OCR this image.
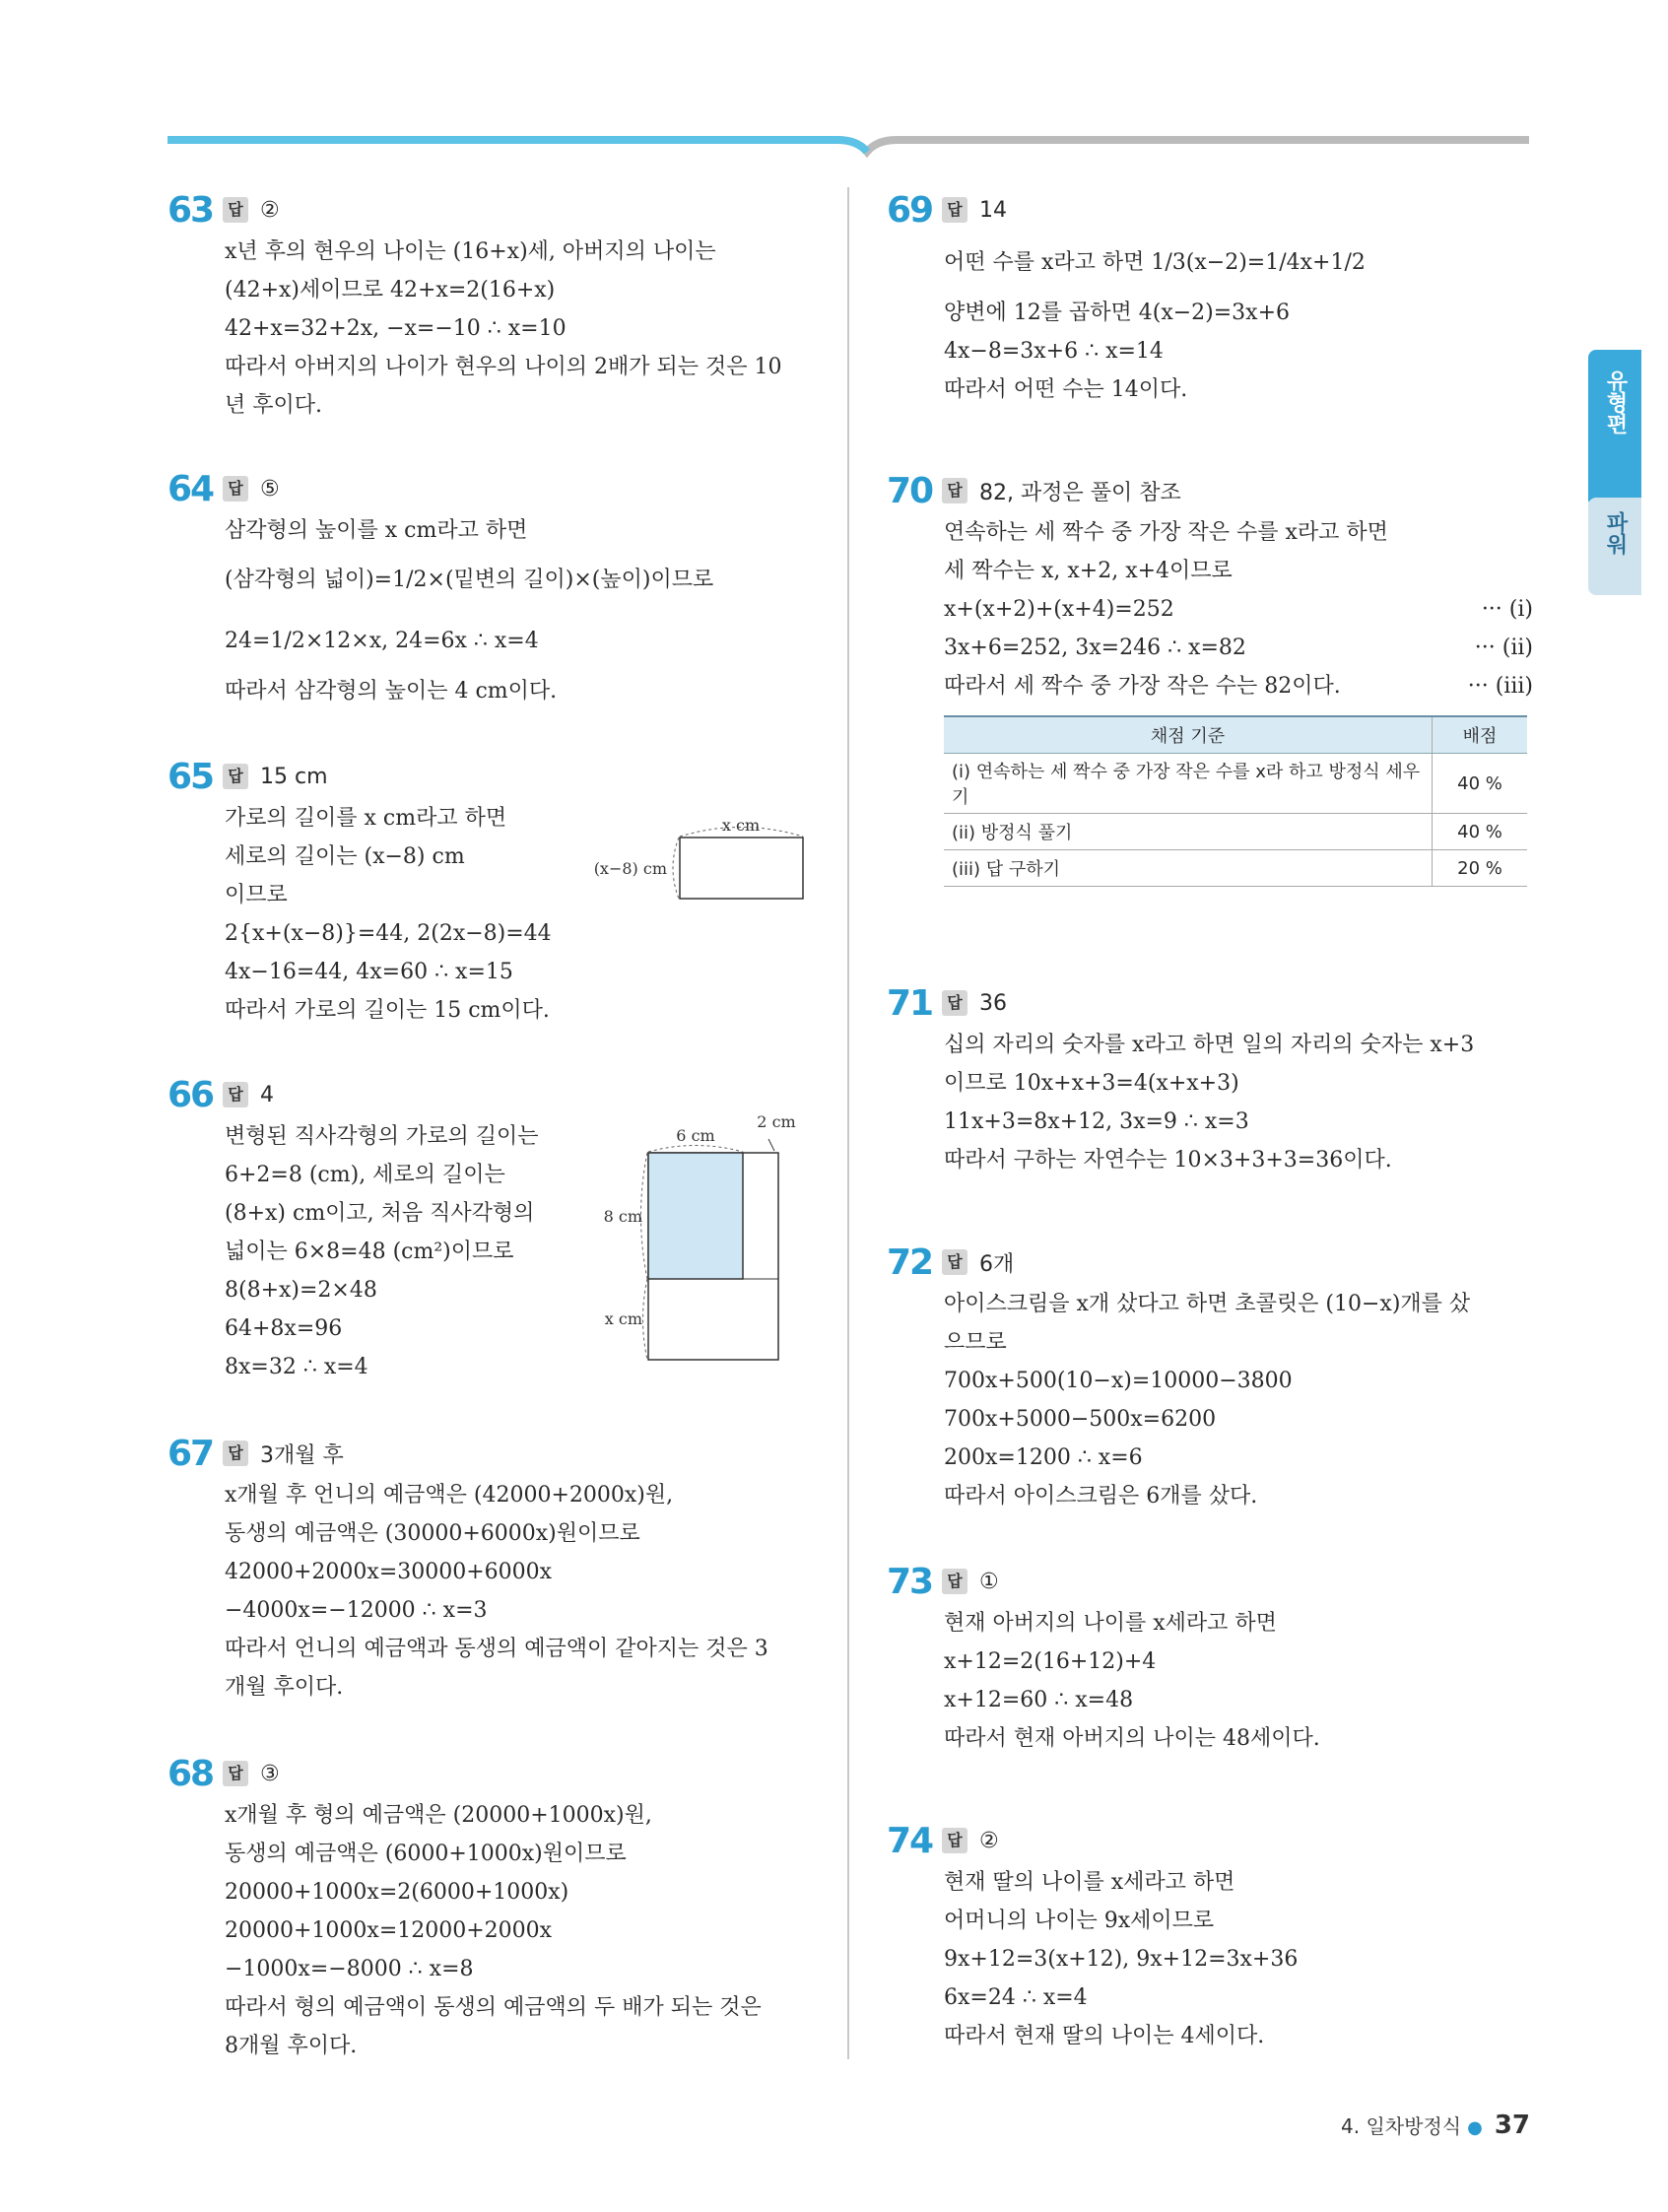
63 답 ②
x년 후의 현우의 나이는 (16+x)세, 아버지의 나이는
(42+x)세이므로 42+x=2(16+x)
42+x=32+2x, −x=−10 ∴ x=10
따라서 아버지의 나이가 현우의 나이의 2배가 되는 것은 10
년 후이다.
64 답 ⑤
삼각형의 높이를 x cm라고 하면
(삼각형의 넓이)=1/2×(밑변의 길이)×(높이)이므로
24=1/2×12×x, 24=6x ∴ x=4
따라서 삼각형의 높이는 4 cm이다.
65 답 15 cm
가로의 길이를 x cm라고 하면
세로의 길이는 (x−8) cm
이므로
2{x+(x−8)}=44, 2(2x−8)=44
4x−16=44, 4x=60 ∴ x=15
따라서 가로의 길이는 15 cm이다.
x cm
(x−8) cm
66 답 4
변형된 직사각형의 가로의 길이는
6+2=8 (cm), 세로의 길이는
(8+x) cm이고, 처음 직사각형의
넓이는 6×8=48 (cm²)이므로
8(8+x)=2×48
64+8x=96
8x=32 ∴ x=4
6 cm
2 cm
8 cm
x cm
67 답 3개월 후
x개월 후 언니의 예금액은 (42000+2000x)원,
동생의 예금액은 (30000+6000x)원이므로
42000+2000x=30000+6000x
−4000x=−12000 ∴ x=3
따라서 언니의 예금액과 동생의 예금액이 같아지는 것은 3
개월 후이다.
68 답 ③
x개월 후 형의 예금액은 (20000+1000x)원,
동생의 예금액은 (6000+1000x)원이므로
20000+1000x=2(6000+1000x)
20000+1000x=12000+2000x
−1000x=−8000 ∴ x=8
따라서 형의 예금액이 동생의 예금액의 두 배가 되는 것은
8개월 후이다.
69 답 14
어떤 수를 x라고 하면 1/3(x−2)=1/4x+1/2
양변에 12를 곱하면 4(x−2)=3x+6
4x−8=3x+6 ∴ x=14
따라서 어떤 수는 14이다.
70 답 82, 과정은 풀이 참조
연속하는 세 짝수 중 가장 작은 수를 x라고 하면
세 짝수는 x, x+2, x+4이므로
x+(x+2)+(x+4)=252	··· (i)
3x+6=252, 3x=246 ∴ x=82	··· (ii)
따라서 세 짝수 중 가장 작은 수는 82이다.	··· (iii)
채점 기준	배점
(i) 연속하는 세 짝수 중 가장 작은 수를 x라 하고 방정식 세우기	40 %
(ii) 방정식 풀기	40 %
(iii) 답 구하기	20 %
71 답 36
십의 자리의 숫자를 x라고 하면 일의 자리의 숫자는 x+3
이므로 10x+x+3=4(x+x+3)
11x+3=8x+12, 3x=9 ∴ x=3
따라서 구하는 자연수는 10×3+3+3=36이다.
72 답 6개
아이스크림을 x개 샀다고 하면 초콜릿은 (10−x)개를 샀
으므로
700x+500(10−x)=10000−3800
700x+5000−500x=6200
200x=1200 ∴ x=6
따라서 아이스크림은 6개를 샀다.
73 답 ①
현재 아버지의 나이를 x세라고 하면
x+12=2(16+12)+4
x+12=60 ∴ x=48
따라서 현재 아버지의 나이는 48세이다.
74 답 ②
현재 딸의 나이를 x세라고 하면
어머니의 나이는 9x세이므로
9x+12=3(x+12), 9x+12=3x+36
6x=24 ∴ x=4
따라서 현재 딸의 나이는 4세이다.
유형편
파워
4. 일차방정식 ● 37
